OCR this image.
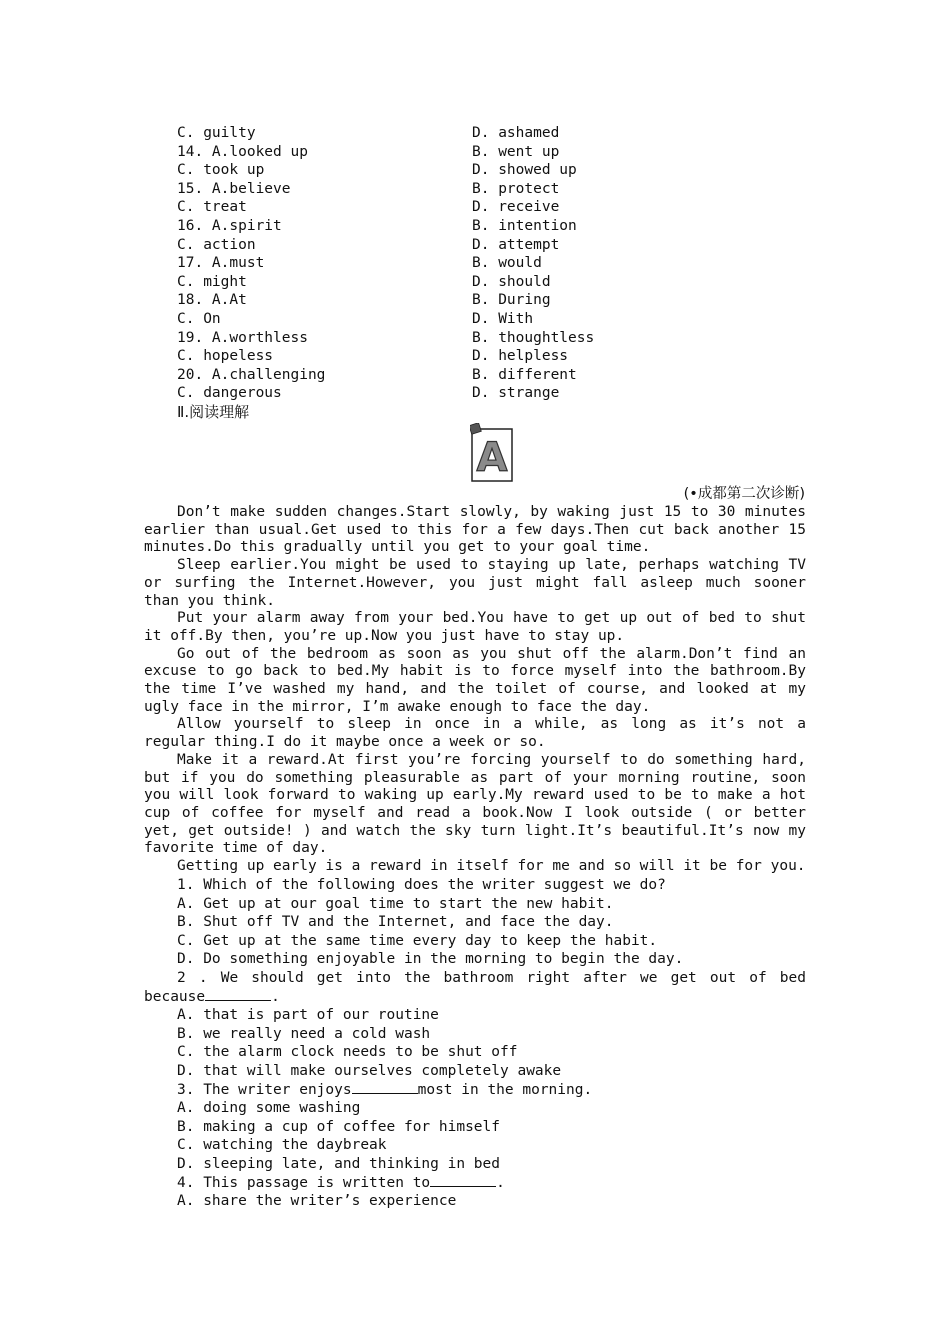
C. guilty	D. ashamed
14. A.looked up	B. went up
C. took up	D. showed up
15. A.believe	B. protect
C. treat	D. receive
16. A.spirit	B. intention
C. action	D. attempt
17. A.must	B. would
C. might	D. should
18. A.At	B. During
C. On	D. With
19. A.worthless	B. thoughtless
C. hopeless	D. helpless
20. A.challenging	B. different
C. dangerous	D. strange
Ⅱ.阅读理解
A
(•成都第二次诊断)

Don’t make sudden changes.Start slowly, by waking just 15 to 30 minutes earlier than usual.Get used to this for a few days.Then cut back another 15 minutes.Do this gradually until you get to your goal time.

Sleep earlier.You might be used to staying up late, perhaps watching TV or surfing the Internet.However, you just might fall asleep much sooner than you think.

Put your alarm away from your bed.You have to get up out of bed to shut it off.By then, you’re up.Now you just have to stay up.

Go out of the bedroom as soon as you shut off the alarm.Don’t find an excuse to go back to bed.My habit is to force myself into the bathroom.By the time I’ve washed my hand, and the toilet of course, and looked at my ugly face in the mirror, I’m awake enough to face the day.

Allow yourself to sleep in once in a while, as long as it’s not a regular thing.I do it maybe once a week or so.

Make it a reward.At first you’re forcing yourself to do something hard, but if you do something pleasurable as part of your morning routine, soon you will look forward to waking up early.My reward used to be to make a hot cup of coffee for myself and read a book.Now I look outside ( or better yet, get outside! ) and watch the sky turn light.It’s beautiful.It’s now my favorite time of day.

Getting up early is a reward in itself for me and so will it be for you.

1. Which of the following does the writer suggest we do?

A. Get up at our goal time to start the new habit.

B. Shut off TV and the Internet, and face the day.

C. Get up at the same time every day to keep the habit.

D. Do something enjoyable in the morning to begin the day.

2 . We should get into the bathroom right after we get out of bed because	.

A. that is part of our routine

B. we really need a cold wash

C. the alarm clock needs to be shut off

D. that will make ourselves completely awake

3. The writer enjoys	most in the morning.

A. doing some washing

B. making a cup of coffee for himself

C. watching the daybreak

D. sleeping late, and thinking in bed

4. This passage is written to	.

A. share the writer’s experience
